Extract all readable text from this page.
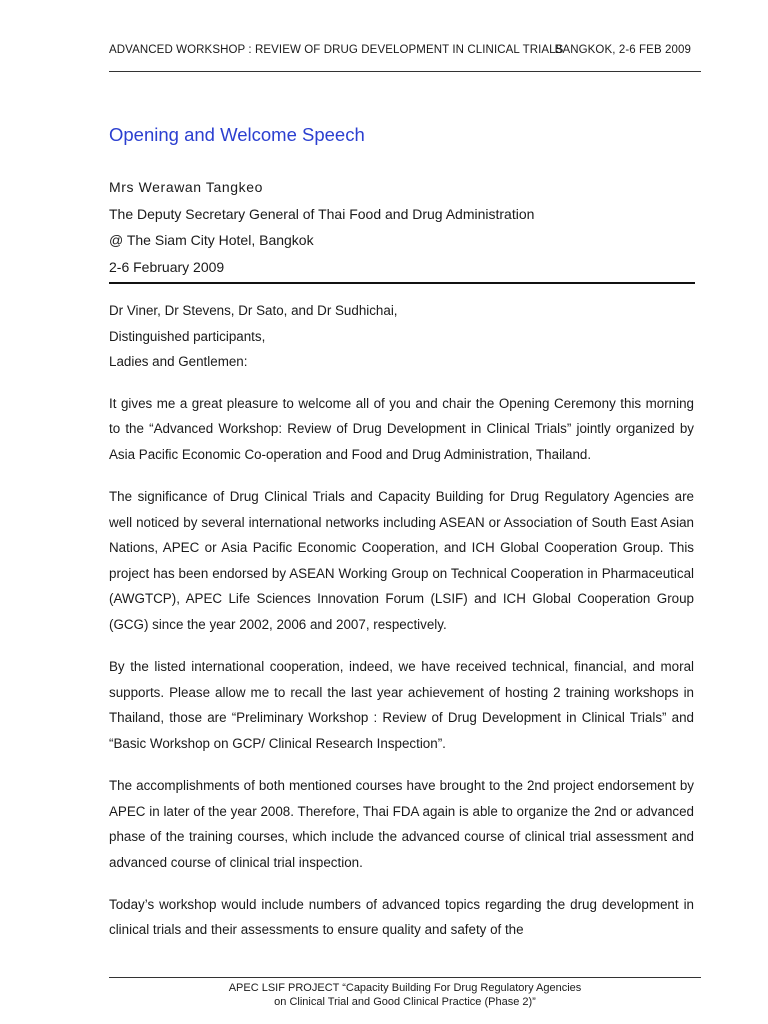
ADVANCED WORKSHOP : REVIEW OF DRUG DEVELOPMENT IN CLINICAL TRIALS
BANGKOK, 2-6 FEB 2009
Opening and Welcome Speech
Mrs Werawan Tangkeo
The Deputy Secretary General of Thai Food and Drug Administration
@ The Siam City Hotel, Bangkok
2-6 February 2009
Dr Viner, Dr Stevens, Dr Sato, and Dr Sudhichai,
Distinguished participants,
Ladies and Gentlemen:

It gives me a great pleasure to welcome all of you and chair the Opening Ceremony this morning to the “Advanced Workshop: Review of Drug Development in Clinical Trials” jointly organized by Asia Pacific Economic Co-operation and Food and Drug Administration, Thailand.

The significance of Drug Clinical Trials and Capacity Building for Drug Regulatory Agencies are well noticed by several international networks including ASEAN or Association of South East Asian Nations, APEC or Asia Pacific Economic Cooperation, and ICH Global Cooperation Group. This project has been endorsed by ASEAN Working Group on Technical Cooperation in Pharmaceutical (AWGTCP), APEC Life Sciences Innovation Forum (LSIF) and ICH Global Cooperation Group (GCG) since the year 2002, 2006 and 2007, respectively.

By the listed international cooperation, indeed, we have received technical, financial, and moral supports. Please allow me to recall the last year achievement of hosting 2 training workshops in Thailand, those are “Preliminary Workshop : Review of Drug Development in Clinical Trials” and “Basic Workshop on GCP/ Clinical Research Inspection”.

The accomplishments of both mentioned courses have brought to the 2nd project endorsement by APEC in later of the year 2008. Therefore, Thai FDA again is able to organize the 2nd or advanced phase of the training courses, which include the advanced course of clinical trial assessment and advanced course of clinical trial inspection.

Today’s workshop would include numbers of advanced topics regarding the drug development in clinical trials and their assessments to ensure quality and safety of the

APEC LSIF PROJECT “Capacity Building For Drug Regulatory Agencies
on Clinical Trial and Good Clinical Practice (Phase 2)”
